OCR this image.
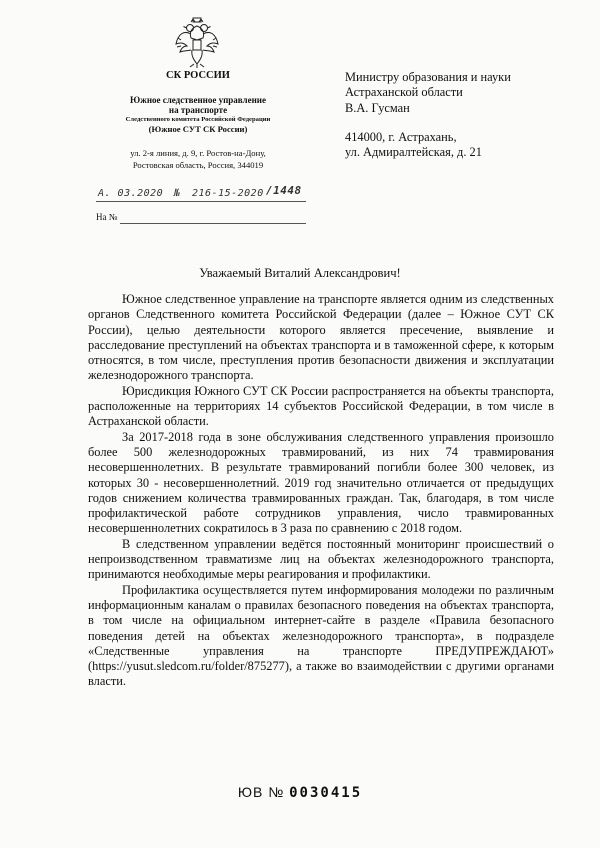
СК РОССИИ
Южное следственное управление
на транспорте
Следственного комитета Российской Федерации
(Южное СУТ СК России)
ул. 2-я линия, д. 9, г. Ростов-на-Дону,
Ростовская область, Россия, 344019
Министру образования и науки
Астраханской области
В.А. Гусман
414000, г. Астрахань,
ул. Адмиралтейская, д. 21
А. 03.2020 № 216-15-2020 /1448
На №
Уважаемый Виталий Александрович!

Южное следственное управление на транспорте является одним из следственных органов Следственного комитета Российской Федерации (далее – Южное СУТ СК России), целью деятельности которого является пресечение, выявление и расследование преступлений на объектах транспорта и в таможенной сфере, к которым относятся, в том числе, преступления против безопасности движения и эксплуатации железнодорожного транспорта.

Юрисдикция Южного СУТ СК России распространяется на объекты транспорта, расположенные на территориях 14 субъектов Российской Федерации, в том числе в Астраханской области.

За 2017-2018 года в зоне обслуживания следственного управления произошло более 500 железнодорожных травмирований, из них 74 травмирования несовершеннолетних. В результате травмирований погибли более 300 человек, из которых 30 - несовершеннолетний. 2019 год значительно отличается от предыдущих годов снижением количества травмированных граждан. Так, благодаря, в том числе профилактической работе сотрудников управления, число травмированных несовершеннолетних сократилось в 3 раза по сравнению с 2018 годом.

В следственном управлении ведётся постоянный мониторинг происшествий о непроизводственном травматизме лиц на объектах железнодорожного транспорта, принимаются необходимые меры реагирования и профилактики.

Профилактика осуществляется путем информирования молодежи по различным информационным каналам о правилах безопасного поведения на объектах транспорта, в том числе на официальном интернет-сайте в разделе «Правила безопасного поведения детей на объектах железнодорожного транспорта», в подразделе «Следственные управления на транспорте ПРЕДУПРЕЖДАЮТ» (https://yusut.sledcom.ru/folder/875277), а также во взаимодействии с другими органами власти.

ЮВ № 0030415
